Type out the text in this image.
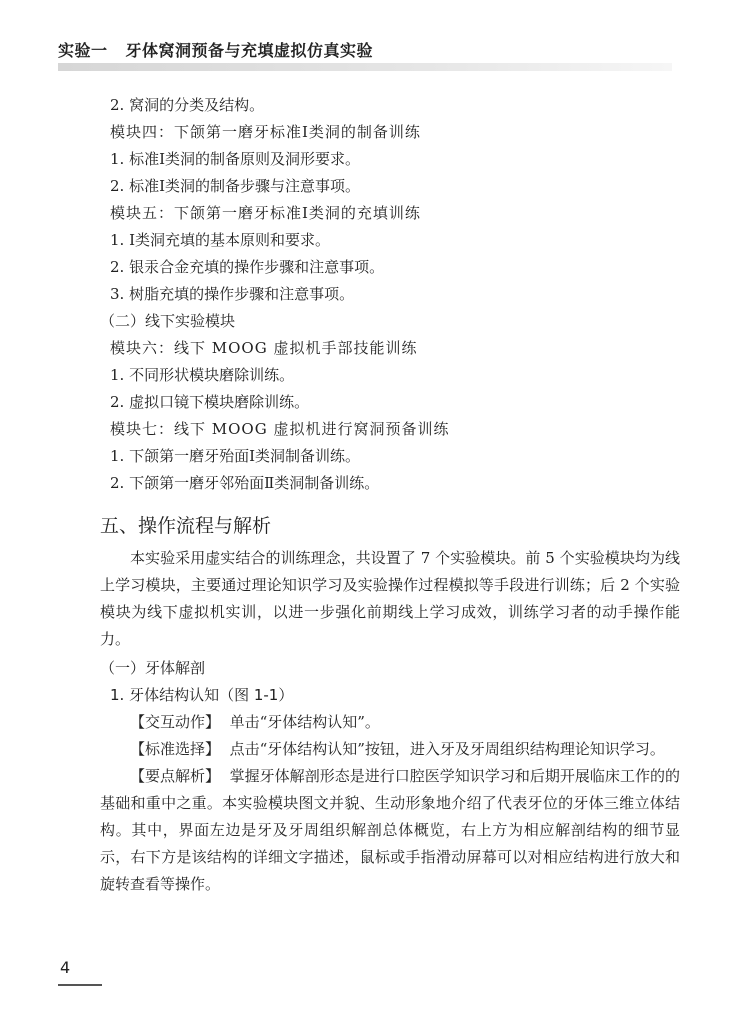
实验一 牙体窝洞预备与充填虚拟仿真实验
2. 窝洞的分类及结构。
模块四：下颌第一磨牙标准Ⅰ类洞的制备训练
1. 标准Ⅰ类洞的制备原则及洞形要求。
2. 标准Ⅰ类洞的制备步骤与注意事项。
模块五：下颌第一磨牙标准Ⅰ类洞的充填训练
1. Ⅰ类洞充填的基本原则和要求。
2. 银汞合金充填的操作步骤和注意事项。
3. 树脂充填的操作步骤和注意事项。
（二）线下实验模块
模块六：线下 MOOG 虚拟机手部技能训练
1. 不同形状模块磨除训练。
2. 虚拟口镜下模块磨除训练。
模块七：线下 MOOG 虚拟机进行窝洞预备训练
1. 下颌第一磨牙殆面Ⅰ类洞制备训练。
2. 下颌第一磨牙邻殆面Ⅱ类洞制备训练。
五、操作流程与解析
本实验采用虚实结合的训练理念，共设置了 7 个实验模块。前 5 个实验模块均为线上学习模块，主要通过理论知识学习及实验操作过程模拟等手段进行训练；后 2 个实验模块为线下虚拟机实训，以进一步强化前期线上学习成效，训练学习者的动手操作能力。
（一）牙体解剖
1. 牙体结构认知（图 1-1）
【交互动作】 单击“牙体结构认知”。
【标准选择】 点击“牙体结构认知”按钮，进入牙及牙周组织结构理论知识学习。
【要点解析】 掌握牙体解剖形态是进行口腔医学知识学习和后期开展临床工作的的基础和重中之重。本实验模块图文并貌、生动形象地介绍了代表牙位的牙体三维立体结构。其中，界面左边是牙及牙周组织解剖总体概览，右上方为相应解剖结构的细节显示，右下方是该结构的详细文字描述，鼠标或手指滑动屏幕可以对相应结构进行放大和旋转查看等操作。
4
